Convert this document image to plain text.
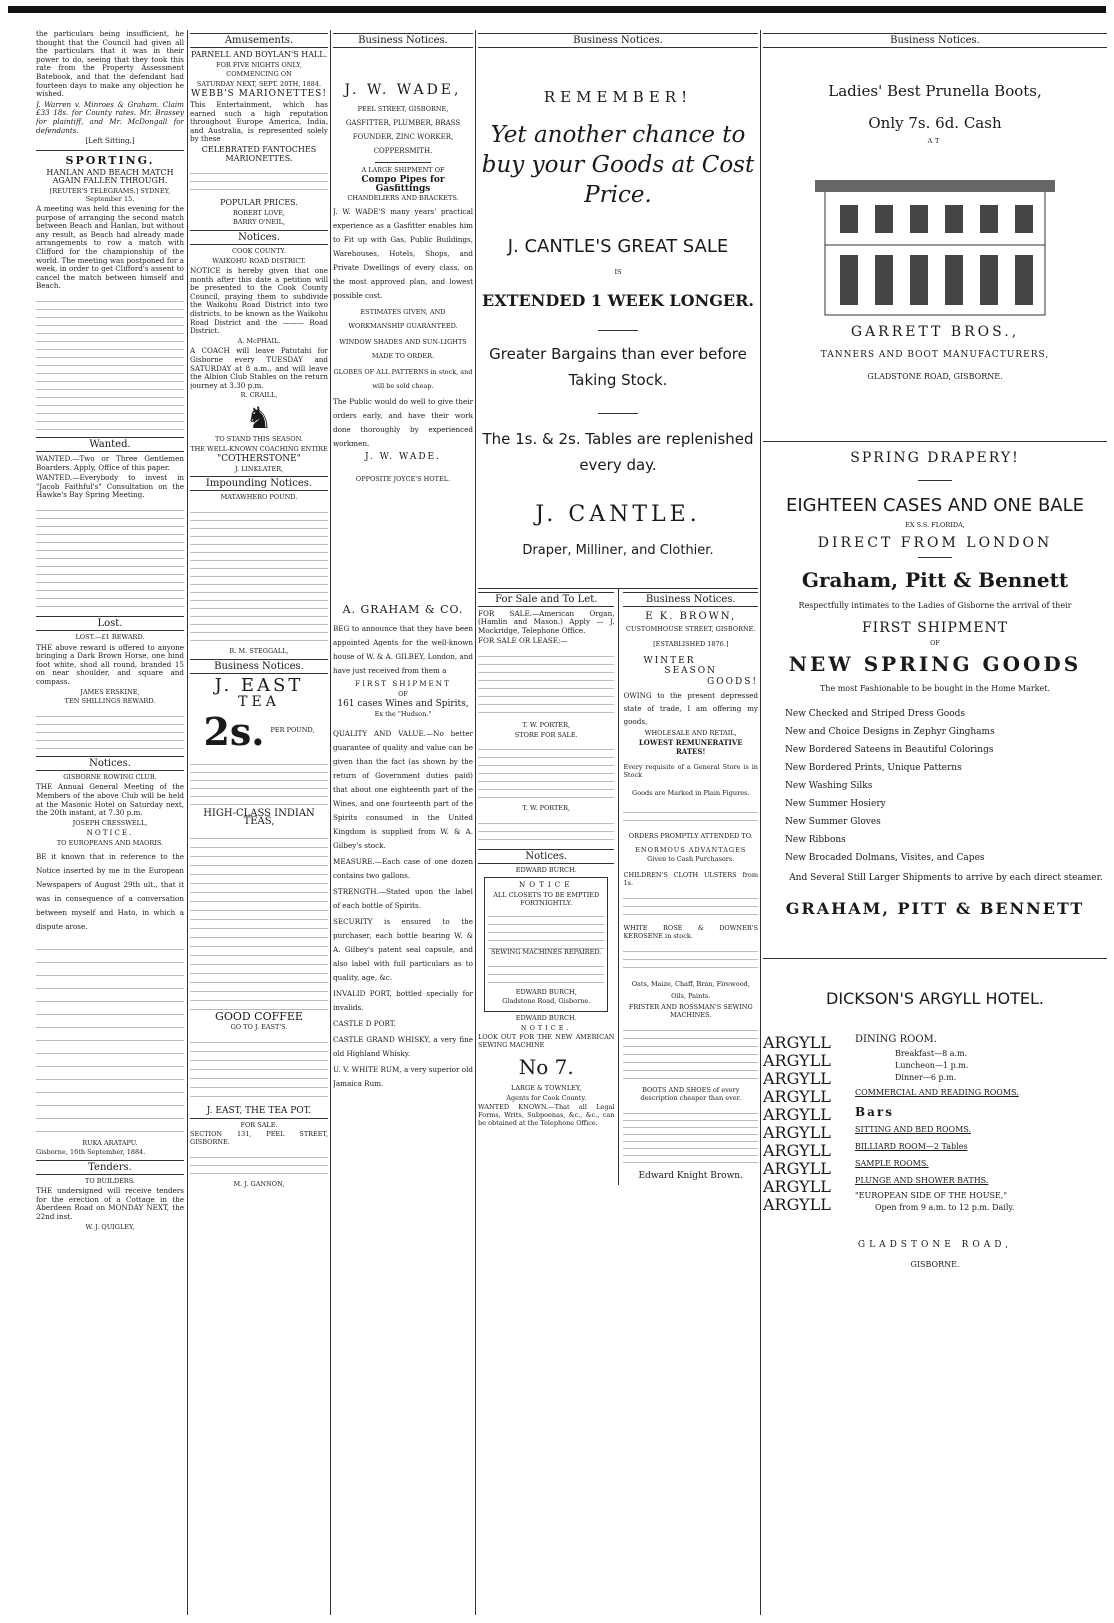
the particulars being insufficient, he thought that the Council had given all the particulars that it was in their power to do, seeing that they took this rate from the Property Assessment Batebook, and that the defendant had fourteen days to make any objection he wished.

J. Warren v. Minroes & Graham. Claim £33 18s. for County rates. Mr. Brassey for plaintiff, and Mr. McDongall for defendants.

[Left Sitting.]

SPORTING.

HANLAN AND BEACH MATCH AGAIN FALLEN THROUGH.

[REUTER'S TELEGRAMS.] SYDNEY, September 15.

A meeting was held this evening for the purpose of arranging the second match between Beach and Hanlan, but without any result, as Beach had already made arrangements to row a match with Clifford for the championship of the world. The meeting was postponed for a week, in order to get Clifford's assent to cancel the match between himself and Beach.

Wanted.

WANTED.—Two or Three Gentlemen Boarders. Apply, Office of this paper.

WANTED.—Everybody to invest in "Jacob Faithful's" Consultation on the Hawke's Bay Spring Meeting.

Lost.

LOST.—£1 REWARD.

THE above reward is offered to anyone bringing a Dark Brown Horse, one hind foot white, shod all round, branded 15 on near shoulder, and square and compass.

JAMES ERSKINE,

TEN SHILLINGS REWARD.

Notices.

GISBORNE ROWING CLUB.

THE Annual General Meeting of the Members of the above Club will be held at the Masonic Hotel on Saturday next, the 20th instant, at 7.30 p.m.

JOSEPH CRESSWELL,

NOTICE.

TO EUROPEANS AND MAORIS.

BE it known that in reference to the Notice inserted by me in the European Newspapers of August 29th ult., that it was in consequence of a conversation between myself and Hato, in which a dispute arose.

RUKA ARATAPU.

Gisborne, 16th September, 1884.

Tenders.

TO BUILDERS.

THE undersigned will receive tenders for the erection of a Cottage in the Aberdeen Road on MONDAY NEXT, the 22nd inst.

W. J. QUIGLEY,

Amusements.

PARNELL AND BOYLAN'S HALL.

FOR FIVE NIGHTS ONLY,

COMMENCING ON

SATURDAY NEXT, SEPT. 20TH, 1884.

WEBB'S MARIONETTES!

This Entertainment, which has earned such a high reputation throughout Europe America, India, and Australia, is represented solely by these

CELEBRATED FANTOCHES MARIONETTES.

POPULAR PRICES.

ROBERT LOVE,

BARRY O'NEIL,

Notices.

COOK COUNTY.

WAIKOHU ROAD DISTRICT.

NOTICE is hereby given that one month after this date a petition will be presented to the Cook County Council, praying them to subdivide the Waikohu Road District into two districts, to be known as the Waikohu Road District and the ——— Road District.

A. McPHAIL.

A COACH will leave Patutahi for Gisborne every TUESDAY and SATURDAY at 8 a.m., and will leave the Albion Club Stables on the return journey at 3.30 p.m.

R. CRAILL,

♞

TO STAND THIS SEASON.

THE WELL-KNOWN COACHING ENTIRE

"COTHERSTONE"

J. LINKLATER,

Impounding Notices.

MATAWHERO POUND.

R. M. STEGGALL,

Business Notices.

J. EAST

TEA

2s. PER POUND,

HIGH-CLASS INDIAN TEAS,

GOOD COFFEE

GO TO J. EAST'S.

J. EAST, THE TEA POT.

FOR SALE.

SECTION 131, PEEL STREET, GISBORNE.

M. J. GANNON,

Business Notices.

J. W. WADE,

PEEL STREET, GISBORNE,

GASFITTER, PLUMBER, BRASS FOUNDER, ZINC WORKER, COPPERSMITH.

A LARGE SHIPMENT OF

Compo Pipes for Gasfittings

CHANDELIERS AND BRACKETS.

J. W. WADE'S many years' practical experience as a Gasfitter enables him to Fit up with Gas, Public Buildings, Warehouses, Hotels, Shops, and Private Dwellings of every class, on the most approved plan, and lowest possible cost.

ESTIMATES GIVEN, AND WORKMANSHIP GUARANTEED.

WINDOW SHADES AND SUN-LIGHTS MADE TO ORDER.

GLOBES OF ALL PATTERNS in stock, and will be sold cheap.

The Public would do well to give their orders early, and have their work done thoroughly by experienced workmen.

J. W. WADE.

OPPOSITE JOYCE'S HOTEL.

A. GRAHAM & CO.

BEG to announce that they have been appointed Agents for the well-known house of W. & A. GILBEY, London, and have just received from them a

FIRST SHIPMENT

OF

161 cases Wines and Spirits,

Ex the "Hudson."

QUALITY AND VALUE.—No better guarantee of quality and value can be given than the fact (as shown by the return of Government duties paid) that about one eighteenth part of the Wines, and one fourteenth part of the Spirits consumed in the United Kingdom is supplied from W. & A. Gilbey's stock.

MEASURE.—Each case of one dozen contains two gallons.

STRENGTH.—Stated upon the label of each bottle of Spirits.

SECURITY is ensured to the purchaser, each bottle bearing W. & A. Gilbey's patent seal capsule, and also label with full particulars as to quality, age, &c.

INVALID PORT, bottled specially for invalids.

CASTLE D PORT.

CASTLE GRAND WHISKY, a very fine old Highland Whisky.

U. V. WHITE RUM, a very superior old Jamaica Rum.

Business Notices.

REMEMBER!

Yet another chance to buy your Goods at Cost Price.

J. CANTLE'S GREAT SALE

IS

EXTENDED 1 WEEK LONGER.

Greater Bargains than ever before Taking Stock.

The 1s. & 2s. Tables are replenished every day.

J. CANTLE.

Draper, Milliner, and Clothier.

For Sale and To Let.

FOR SALE.—American Organ, (Hamlin and Mason.) Apply — J. Mockridge, Telephone Office.

FOR SALE OR LEASE:—

T. W. PORTER,

STORE FOR SALE.

T. W. PORTER,

Notices.

EDWARD BURCH.

NOTICE

ALL CLOSETS TO BE EMPTIED FORTNIGHTLY.

SEWING MACHINES REPAIRED.

EDWARD BURCH,

Gladstone Road, Gisborne.

EDWARD BURCH.

NOTICE.

LOOK OUT FOR THE NEW AMERICAN SEWING MACHINE

No 7.

LARGE & TOWNLEY,

Agents for Cook County.

WANTED KNOWN.—That all Legal Forms, Writs, Subpoenas, &c., &c., can be obtained at the Telephone Office.

Business Notices.

E K. BROWN,

CUSTOMHOUSE STREET, GISBORNE.

[ESTABLISHED 1876.]

WINTER

SEASON

GOODS!

OWING to the present depressed state of trade, I am offering my goods,

WHOLESALE AND RETAIL,

LOWEST REMUNERATIVE RATES!

Every requisite of a General Store is in Stock

Goods are Marked in Plain Figures.

ORDERS PROMPTLY ATTENDED TO.

ENORMOUS ADVANTAGES

Given to Cash Purchasers.

CHILDREN'S CLOTH ULSTERS from 1s.

WHITE ROSE & DOWNER'S KEROSENE in stock.

Oats, Maize, Chaff, Bran, Firewood, Oils, Paints.

FRISTER AND ROSSMAN'S SEWING MACHINES.

BOOTS AND SHOES of every description cheaper than ever.

Edward Knight Brown.

Business Notices.

Ladies' Best Prunella Boots,

Only 7s. 6d. Cash

AT

GARRETT BROS.,

TANNERS AND BOOT MANUFACTURERS,

GLADSTONE ROAD, GISBORNE.

SPRING DRAPERY!

EIGHTEEN CASES AND ONE BALE

EX S.S. FLORIDA,

DIRECT FROM LONDON

Graham, Pitt & Bennett

Respectfully intimates to the Ladies of Gisborne the arrival of their

FIRST SHIPMENT

OF

NEW SPRING GOODS

The most Fashionable to be bought in the Home Market.

New Checked and Striped Dress Goods

New and Choice Designs in Zephyr Ginghams

New Bordered Sateens in Beautiful Colorings

New Bordered Prints, Unique Patterns

New Washing Silks

New Summer Hosiery

New Summer Gloves

New Ribbons

New Brocaded Dolmans, Visites, and Capes

And Several Still Larger Shipments to arrive by each direct steamer.

GRAHAM, PITT & BENNETT

DICKSON'S ARGYLL HOTEL.

ARGYLL
ARGYLL
ARGYLL
ARGYLL
ARGYLL
ARGYLL
ARGYLL
ARGYLL
ARGYLL
ARGYLL
DINING ROOM.
Breakfast—8 a.m.
Luncheon—1 p.m.
Dinner—6 p.m.
COMMERCIAL AND READING ROOMS.
Bars
SITTING AND BED ROOMS.
BILLIARD ROOM—2 Tables
SAMPLE ROOMS.
PLUNGE AND SHOWER BATHS.
"EUROPEAN SIDE OF THE HOUSE,"
Open from 9 a.m. to 12 p.m. Daily.

GLADSTONE ROAD,

GISBORNE.
